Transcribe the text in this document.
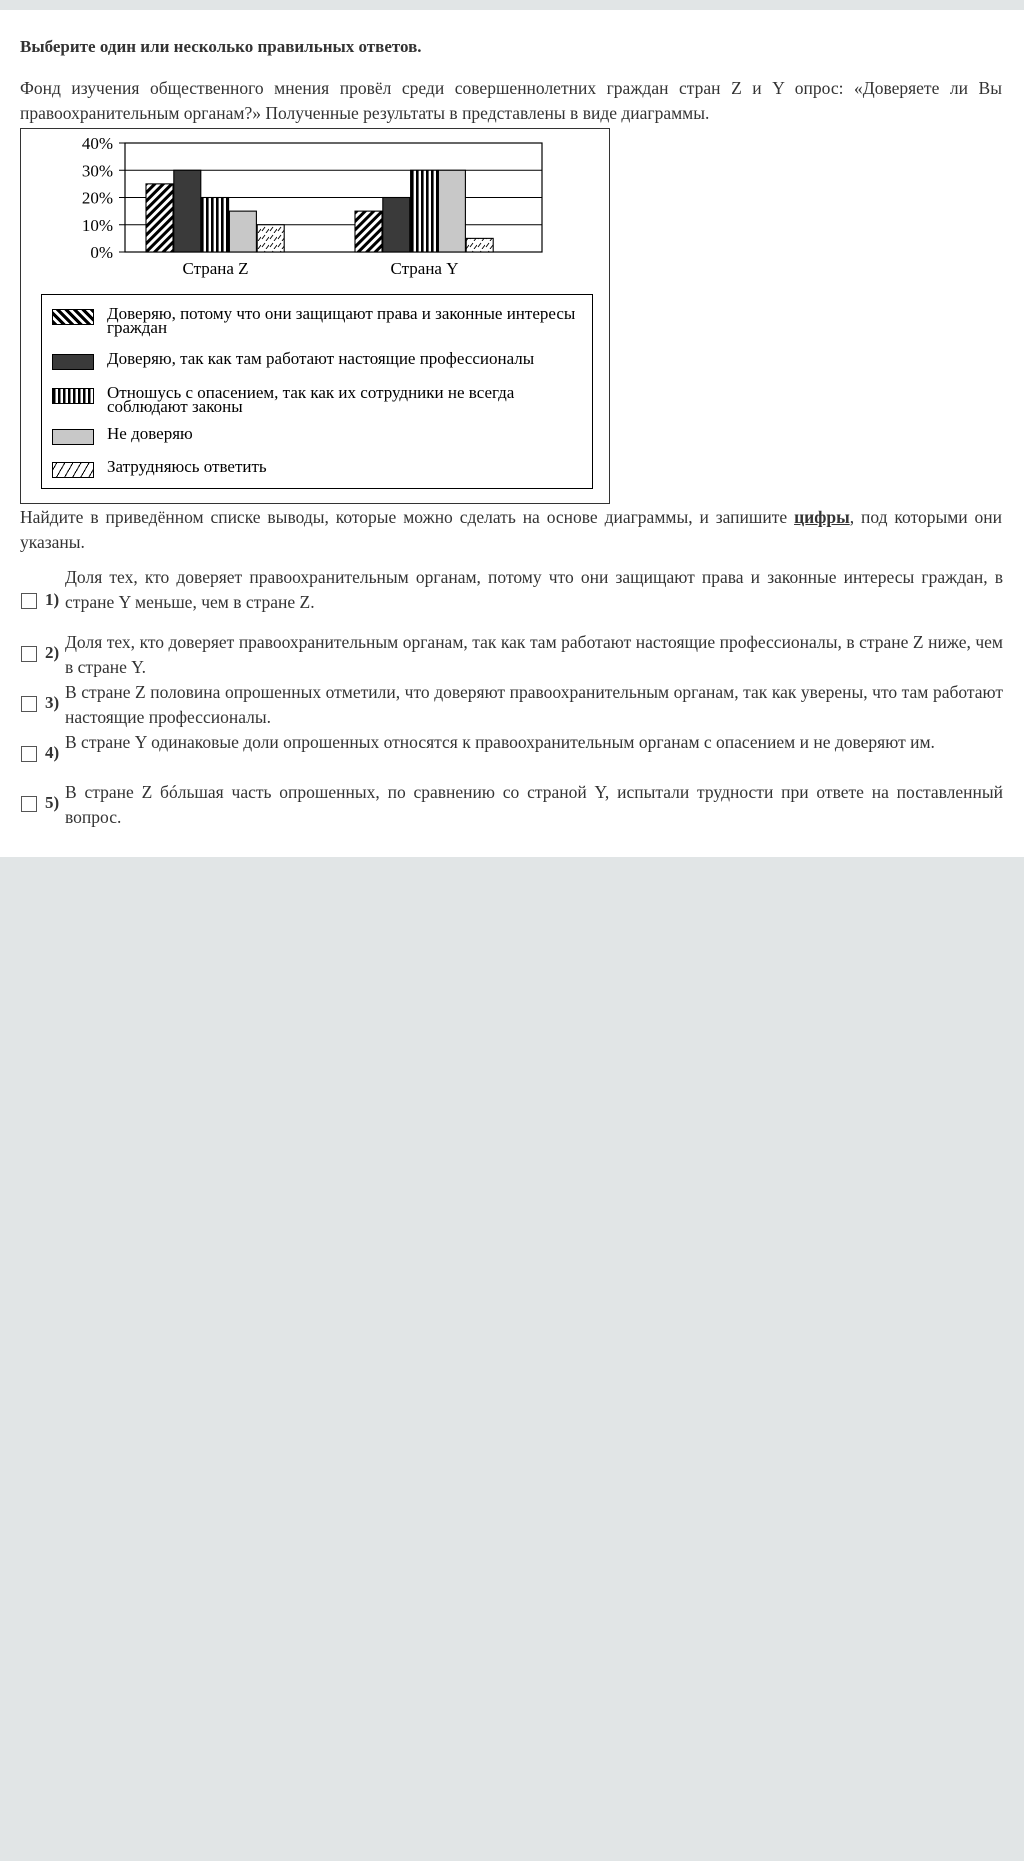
Выберите один или несколько правильных ответов.
Фонд изучения общественного мнения провёл среди совершеннолетних граждан стран Z и Y опрос: «Доверяете ли Вы правоохранительным органам?» Полученные результаты в представлены в виде диаграммы.
40%
30%
20%
10%
0%
Страна Z	Страна Y
Доверяю, потому что они защищают права и законные интересы граждан
Доверяю, так как там работают настоящие профессионалы
Отношусь с опасением, так как их сотрудники не всегда соблюдают законы
Не доверяю
Затрудняюсь ответить
Найдите в приведённом списке выводы, которые можно сделать на основе диаграммы, и запишите цифры, под которыми они указаны.
1)
Доля тех, кто доверяет правоохранительным органам, потому что они защищают права и законные интересы граждан, в стране Y меньше, чем в стране Z.
2)
Доля тех, кто доверяет правоохранительным органам, так как там работают настоящие профессионалы, в стране Z ниже, чем в стране Y.
3)
В стране Z половина опрошенных отметили, что доверяют правоохранительным органам, так как уверены, что там работают настоящие профессионалы.
4)
В стране Y одинаковые доли опрошенных относятся к правоохранительным органам с опасением и не доверяют им.
5)
В стране Z бóльшая часть опрошенных, по сравнению со страной Y, испытали трудности при ответе на поставленный вопрос.
